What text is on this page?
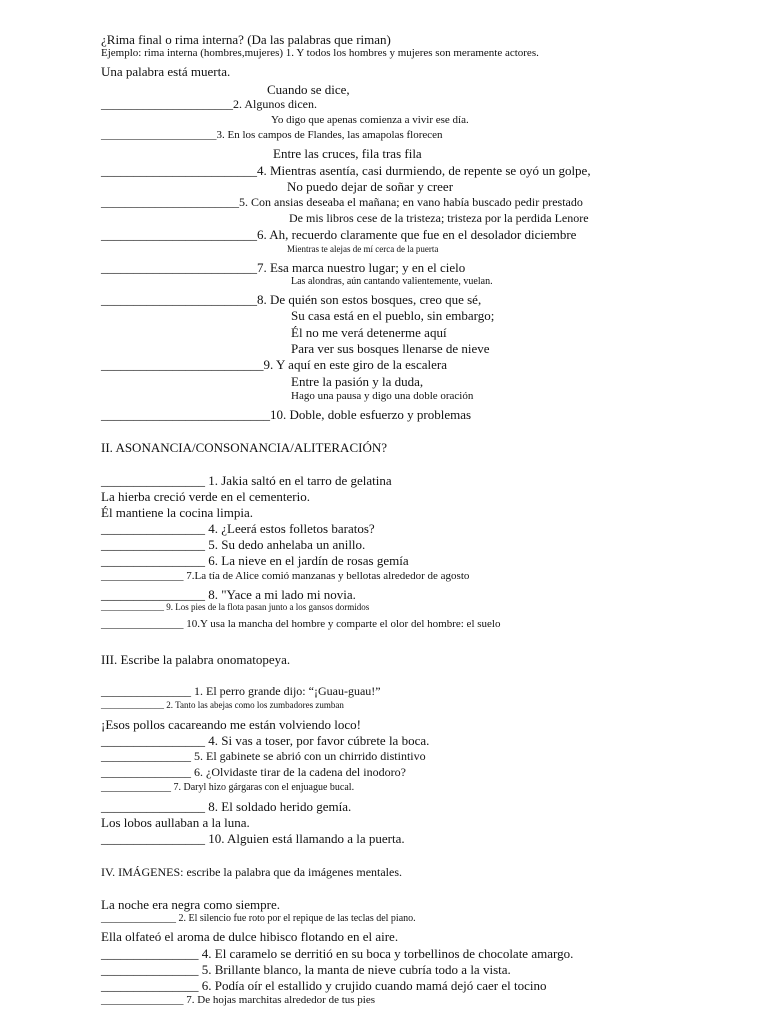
¿Rima final o rima interna? (Da las palabras que riman)
Ejemplo: rima interna (hombres,mujeres) 1. Y todos los hombres y mujeres son meramente actores.
Una palabra está muerta.
Cuando se dice,
______________________2. Algunos dicen.
Yo digo que apenas comienza a vivir ese día.
_____________________3. En los campos de Flandes, las amapolas florecen
Entre las cruces, fila tras fila
________________________4. Mientras asentía, casi durmiendo, de repente se oyó un golpe,
No puedo dejar de soñar y creer
_______________________5. Con ansias deseaba el mañana; en vano había buscado pedir prestado
De mis libros cese de la tristeza; tristeza por la perdida Lenore
________________________6. Ah, recuerdo claramente que fue en el desolador diciembre
Mientras te alejas de mí cerca de la puerta
________________________7. Esa marca nuestro lugar; y en el cielo
Las alondras, aún cantando valientemente, vuelan.
________________________8. De quién son estos bosques, creo que sé,
Su casa está en el pueblo, sin embargo;
Él no me verá detenerme aquí
Para ver sus bosques llenarse de nieve
_________________________9. Y aquí en este giro de la escalera
Entre la pasión y la duda,
Hago una pausa y digo una doble oración
__________________________10. Doble, doble esfuerzo y problemas
II. ASONANCIA/CONSONANCIA/ALITERACIÓN?
________________ 1. Jakia saltó en el tarro de gelatina
La hierba creció verde en el cementerio.
Él mantiene la cocina limpia.
________________ 4. ¿Leerá estos folletos baratos?
________________ 5. Su dedo anhelaba un anillo.
________________ 6. La nieve en el jardín de rosas gemía
_______________ 7.La tía de Alice comió manzanas y bellotas alrededor de agosto
________________ 8. "Yace a mi lado mi novia.
______________ 9. Los pies de la flota pasan junto a los gansos dormidos
_______________ 10.Y usa la mancha del hombre y comparte el olor del hombre: el suelo
III. Escribe la palabra onomatopeya.
_______________ 1. El perro grande dijo: “¡Guau-guau!”
______________ 2. Tanto las abejas como los zumbadores zumban
¡Esos pollos cacareando me están volviendo loco!
________________ 4. Si vas a toser, por favor cúbrete la boca.
_______________ 5. El gabinete se abrió con un chirrido distintivo
_______________ 6. ¿Olvidaste tirar de la cadena del inodoro?
______________ 7. Daryl hizo gárgaras con el enjuague bucal.
________________ 8. El soldado herido gemía.
Los lobos aullaban a la luna.
________________ 10. Alguien está llamando a la puerta.
IV. IMÁGENES: escribe la palabra que da imágenes mentales.
La noche era negra como siempre.
_______________ 2. El silencio fue roto por el repique de las teclas del piano.
Ella olfateó el aroma de dulce hibisco flotando en el aire.
_______________ 4. El caramelo se derritió en su boca y torbellinos de chocolate amargo.
_______________ 5. Brillante blanco, la manta de nieve cubría todo a la vista.
_______________ 6. Podía oír el estallido y crujido cuando mamá dejó caer el tocino
_______________ 7. De hojas marchitas alrededor de tus pies
